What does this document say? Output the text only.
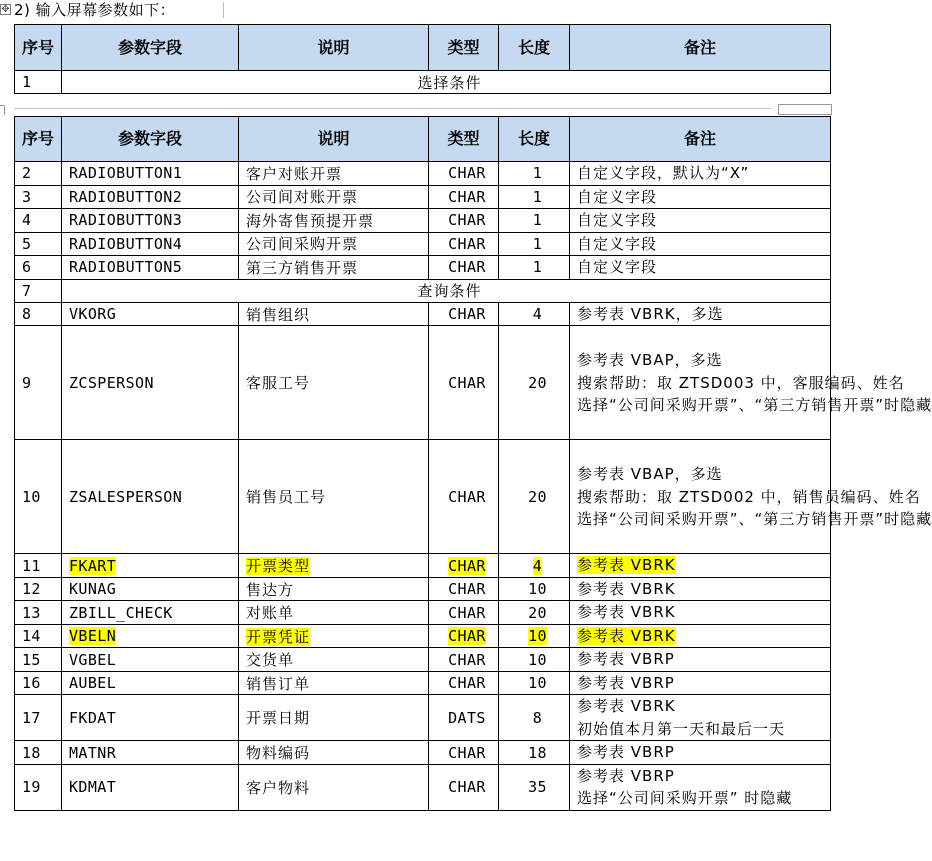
✥ 2) 输入屏幕参数如下：
序号	参数字段	说明	类型	长度	备注
1	选择条件				
序号	参数字段	说明	类型	长度	备注
2	RADIOBUTTON1	客户对账开票	CHAR	1	自定义字段，默认为“X”

3	RADIOBUTTON2	公司间对账开票	CHAR	1	自定义字段

4	RADIOBUTTON3	海外寄售预提开票	CHAR	1	自定义字段

5	RADIOBUTTON4	公司间采购开票	CHAR	1	自定义字段

6	RADIOBUTTON5	第三方销售开票	CHAR	1	自定义字段

7	查询条件				
8	VKORG	销售组织	CHAR	4	参考表 VBRK，多选

9	ZCSPERSON	客服工号	CHAR	20	参考表 VBAP，多选
搜索帮助：取 ZTSD003 中，客服编码、姓名
选择“公司间采购开票”、“第三方销售开票”时隐藏

10	ZSALESPERSON	销售员工号	CHAR	20	参考表 VBAP，多选
搜索帮助：取 ZTSD002 中，销售员编码、姓名
选择“公司间采购开票”、“第三方销售开票”时隐藏

11	FKART	开票类型	CHAR	4	参考表 VBRK

12	KUNAG	售达方	CHAR	10	参考表 VBRK

13	ZBILL_CHECK	对账单	CHAR	20	参考表 VBRK

14	VBELN	开票凭证	CHAR	10	参考表 VBRK

15	VGBEL	交货单	CHAR	10	参考表 VBRP

16	AUBEL	销售订单	CHAR	10	参考表 VBRP

17	FKDAT	开票日期	DATS	8	参考表 VBRK
初始值本月第一天和最后一天

18	MATNR	物料编码	CHAR	18	参考表 VBRP

19	KDMAT	客户物料	CHAR	35	参考表 VBRP
选择“公司间采购开票” 时隐藏
